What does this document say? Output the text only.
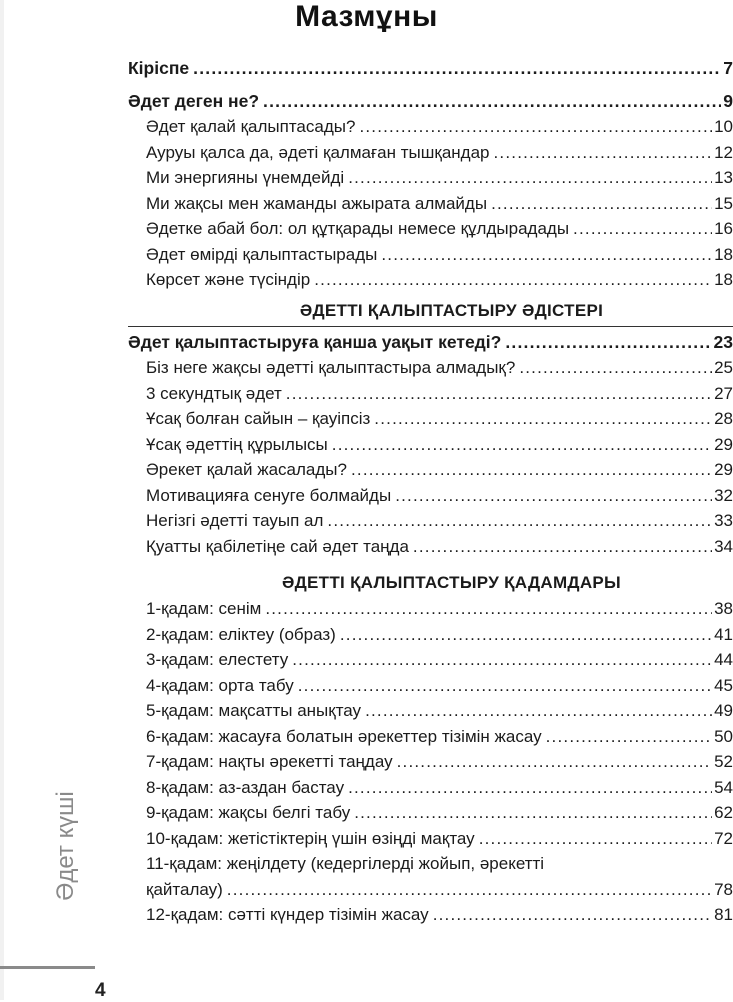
Мазмұны
Кіріспе .....	7
Әдет деген не? .....	9
Әдет қалай қалыптасады? .....	10
Ауруы қалса да, әдеті қалмаған тышқандар .....	12
Ми энергияны үнемдейді .....	13
Ми жақсы мен жаманды ажырата алмайды .....	15
Әдетке абай бол: ол құтқарады немесе құлдырадады .....	16
Әдет өмірді қалыптастырады .....	18
Көрсет және түсіндір .....	18
ӘДЕТТІ ҚАЛЫПТАСТЫРУ ӘДІСТЕРІ
Әдет қалыптастыруға қанша уақыт кетеді? .....	23
Біз неге жақсы әдетті қалыптастыра алмадық? .....	25
3 секундтық әдет .....	27
Ұсақ болған сайын – қауіпсіз .....	28
Ұсақ әдеттің құрылысы .....	29
Әрекет қалай жасалады? .....	29
Мотивацияға сенуге болмайды .....	32
Негізгі әдетті тауып ал .....	33
Қуатты қабілетіңе сай әдет таңда .....	34
ӘДЕТТІ ҚАЛЫПТАСТЫРУ ҚАДАМДАРЫ
1-қадам: сенім .....	38
2-қадам: еліктеу (образ) .....	41
3-қадам: елестету .....	44
4-қадам: орта табу .....	45
5-қадам: мақсатты анықтау .....	49
6-қадам: жасауға болатын әрекеттер тізімін жасау .....	50
7-қадам: нақты әрекетті таңдау .....	52
8-қадам: аз-аздан бастау .....	54
9-қадам: жақсы белгі табу .....	62
10-қадам: жетістіктерің үшін өзіңді мақтау .....	72
11-қадам: жеңілдету (кедергілерді жойып, әрекетті
қайталау) .....	78
12-қадам: сәтті күндер тізімін жасау .....	81
Әдет күші
4
